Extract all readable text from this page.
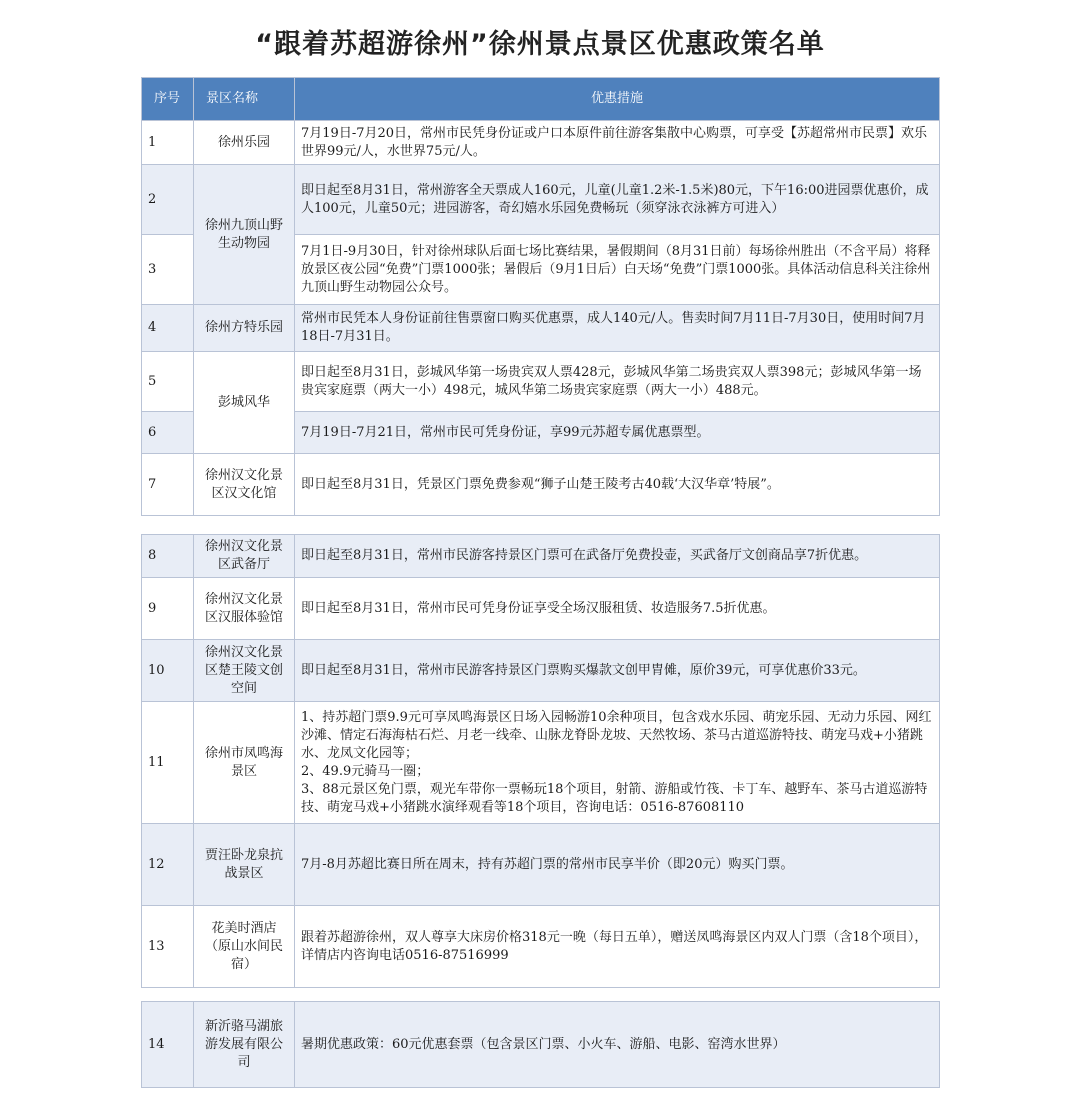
“跟着苏超游徐州”徐州景点景区优惠政策名单
序号	景区名称	优惠措施
1	徐州乐园	7月19日-7月20日，常州市民凭身份证或户口本原件前往游客集散中心购票，可享受【苏超常州市民票】欢乐世界99元/人，水世界75元/人。
2	徐州九顶山野生动物园	即日起至8月31日，常州游客全天票成人160元，儿童(儿童1.2米-1.5米)80元，下午16:00进园票优惠价，成人100元，儿童50元；进园游客，奇幻嬉水乐园免费畅玩（须穿泳衣泳裤方可进入）
3		7月1日-9月30日，针对徐州球队后面七场比赛结果，暑假期间（8月31日前）每场徐州胜出（不含平局）将释放景区夜公园“免费”门票1000张；暑假后（9月1日后）白天场“免费”门票1000张。具体活动信息科关注徐州九顶山野生动物园公众号。
4	徐州方特乐园	常州市民凭本人身份证前往售票窗口购买优惠票，成人140元/人。售卖时间7月11日-7月30日，使用时间7月18日-7月31日。
5	彭城风华	即日起至8月31日，彭城风华第一场贵宾双人票428元，彭城风华第二场贵宾双人票398元；彭城风华第一场贵宾家庭票（两大一小）498元，城风华第二场贵宾家庭票（两大一小）488元。
6		7月19日-7月21日，常州市民可凭身份证，享99元苏超专属优惠票型。
7	徐州汉文化景区汉文化馆	即日起至8月31日，凭景区门票免费参观“狮子山楚王陵考古40载‘大汉华章’特展”。
8	徐州汉文化景区武备厅	即日起至8月31日，常州市民游客持景区门票可在武备厅免费投壶，买武备厅文创商品享7折优惠。
9	徐州汉文化景区汉服体验馆	即日起至8月31日，常州市民可凭身份证享受全场汉服租赁、妆造服务7.5折优惠。
10	徐州汉文化景区楚王陵文创空间	即日起至8月31日，常州市民游客持景区门票购买爆款文创甲胄傩，原价39元，可享优惠价33元。
11	徐州市凤鸣海景区	1、持苏超门票9.9元可享凤鸣海景区日场入园畅游10余种项目，包含戏水乐园、萌宠乐园、无动力乐园、网红沙滩、情定石海海枯石烂、月老一线牵、山脉龙脊卧龙坡、天然牧场、茶马古道巡游特技、萌宠马戏+小猪跳水、龙凤文化园等；
2、49.9元骑马一圈；
3、88元景区免门票，观光车带你一票畅玩18个项目，射箭、游船或竹筏、卡丁车、越野车、茶马古道巡游特技、萌宠马戏+小猪跳水演绎观看等18个项目，咨询电话：0516-87608110

12	贾汪卧龙泉抗战景区	7月-8月苏超比赛日所在周末，持有苏超门票的常州市民享半价（即20元）购买门票。
13	花美时酒店（原山水间民宿）	跟着苏超游徐州，双人尊享大床房价格318元一晚（每日五单），赠送凤鸣海景区内双人门票（含18个项目），详情店内咨询电话0516-87516999
14	新沂骆马湖旅游发展有限公司	暑期优惠政策：60元优惠套票（包含景区门票、小火车、游船、电影、窑湾水世界）
